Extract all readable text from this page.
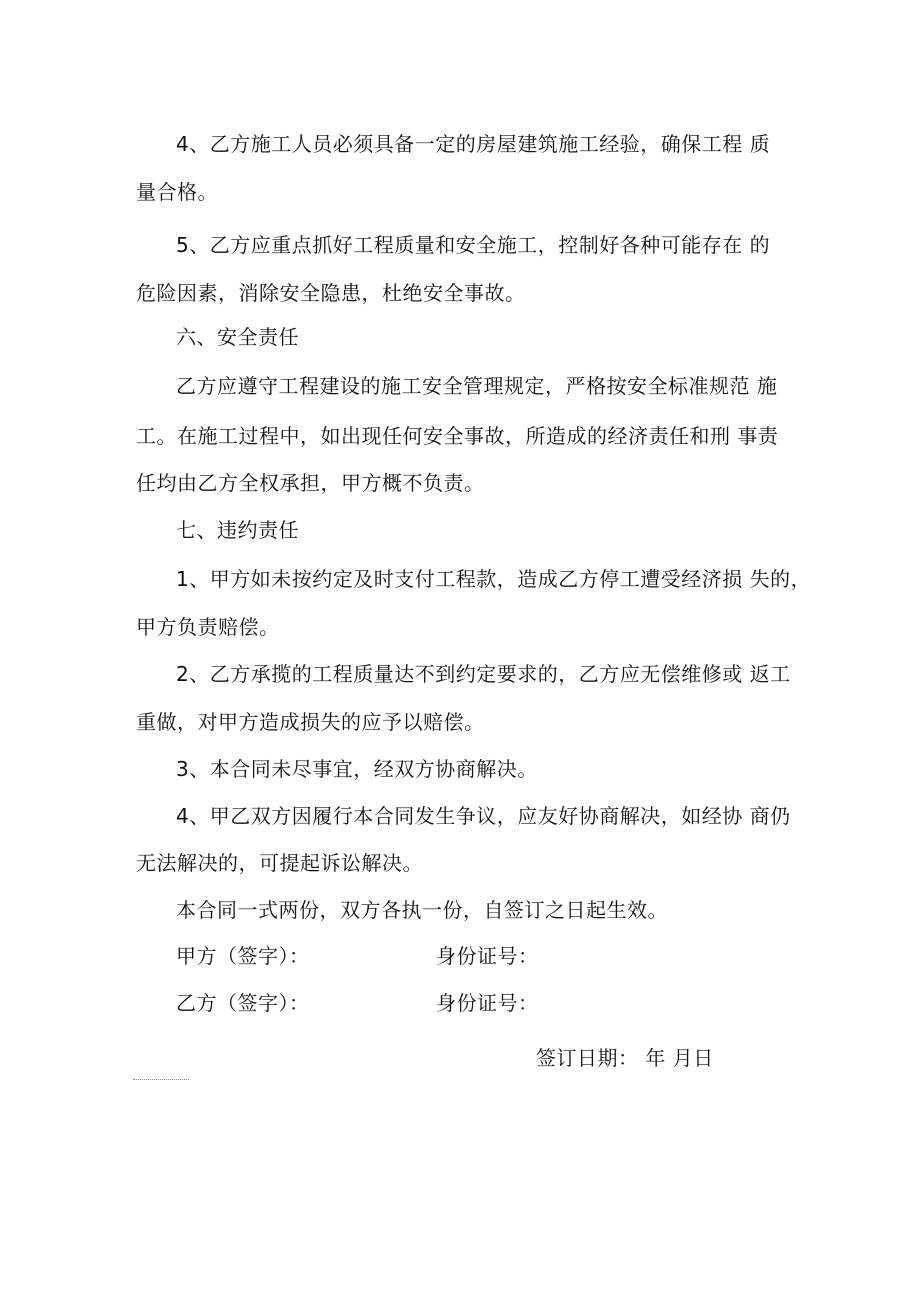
4、乙方施工人员必须具备一定的房屋建筑施工经验，确保工程 质
量合格。
5、乙方应重点抓好工程质量和安全施工，控制好各种可能存在 的
危险因素，消除安全隐患，杜绝安全事故。
六、安全责任
乙方应遵守工程建设的施工安全管理规定，严格按安全标准规范 施
工。在施工过程中，如出现任何安全事故，所造成的经济责任和刑 事责
任均由乙方全权承担，甲方概不负责。
七、违约责任
1、甲方如未按约定及时支付工程款，造成乙方停工遭受经济损 失的，
甲方负责赔偿。
2、乙方承揽的工程质量达不到约定要求的，乙方应无偿维修或 返工
重做，对甲方造成损失的应予以赔偿。
3、本合同未尽事宜，经双方协商解决。
4、甲乙双方因履行本合同发生争议，应友好协商解决，如经协 商仍
无法解决的，可提起诉讼解决。
本合同一式两份，双方各执一份，自签订之日起生效。
甲方（签字）：	身份证号：
乙方（签字）：	身份证号：
签订日期： 年 月日
